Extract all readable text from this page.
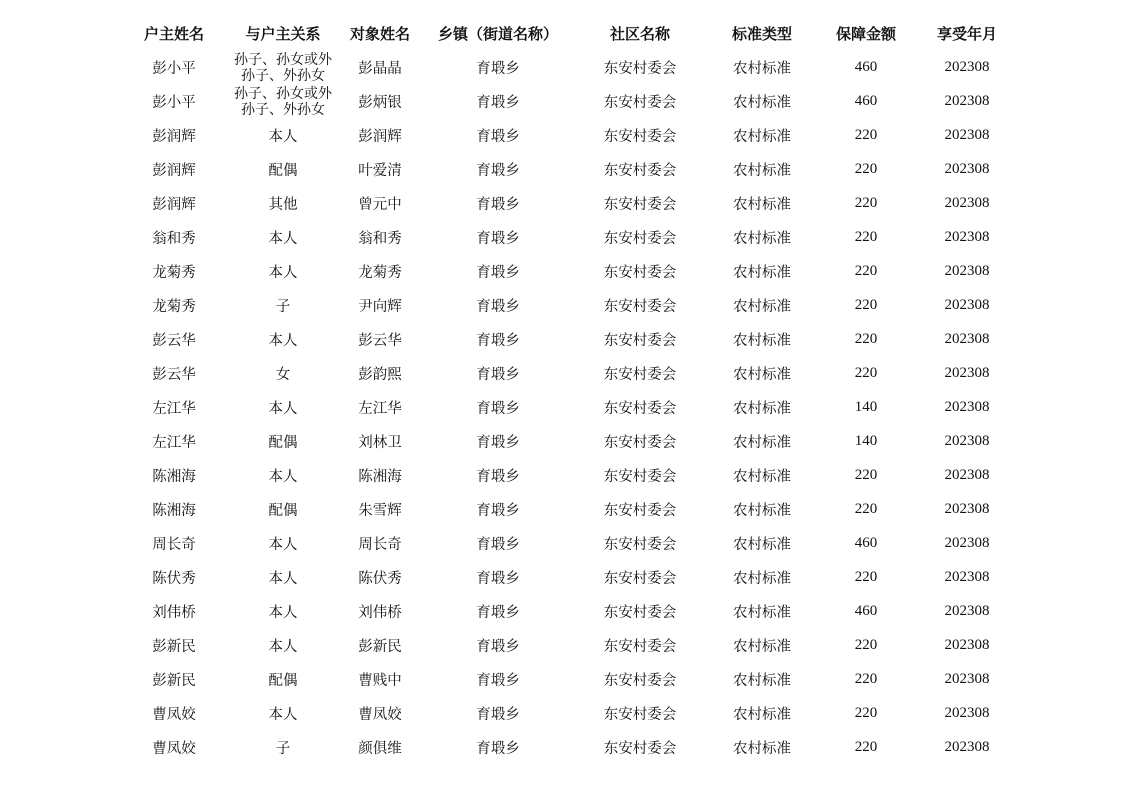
户主姓名	与户主关系	对象姓名	乡镇（街道名称）	社区名称	标准类型	保障金额	享受年月
彭小平	孙子、孙女或外孙子、外孙女	彭晶晶	育塅乡	东安村委会	农村标准	460	202308
彭小平	孙子、孙女或外孙子、外孙女	彭炳银	育塅乡	东安村委会	农村标准	460	202308
彭润辉	本人	彭润辉	育塅乡	东安村委会	农村标准	220	202308
彭润辉	配偶	叶爱清	育塅乡	东安村委会	农村标准	220	202308
彭润辉	其他	曾元中	育塅乡	东安村委会	农村标准	220	202308
翁和秀	本人	翁和秀	育塅乡	东安村委会	农村标准	220	202308
龙菊秀	本人	龙菊秀	育塅乡	东安村委会	农村标准	220	202308
龙菊秀	子	尹向辉	育塅乡	东安村委会	农村标准	220	202308
彭云华	本人	彭云华	育塅乡	东安村委会	农村标准	220	202308
彭云华	女	彭韵熙	育塅乡	东安村委会	农村标准	220	202308
左江华	本人	左江华	育塅乡	东安村委会	农村标准	140	202308
左江华	配偶	刘林卫	育塅乡	东安村委会	农村标准	140	202308
陈湘海	本人	陈湘海	育塅乡	东安村委会	农村标准	220	202308
陈湘海	配偶	朱雪辉	育塅乡	东安村委会	农村标准	220	202308
周长奇	本人	周长奇	育塅乡	东安村委会	农村标准	460	202308
陈伏秀	本人	陈伏秀	育塅乡	东安村委会	农村标准	220	202308
刘伟桥	本人	刘伟桥	育塅乡	东安村委会	农村标准	460	202308
彭新民	本人	彭新民	育塅乡	东安村委会	农村标准	220	202308
彭新民	配偶	曹贱中	育塅乡	东安村委会	农村标准	220	202308
曹凤姣	本人	曹凤姣	育塅乡	东安村委会	农村标准	220	202308
曹凤姣	子	颜俱维	育塅乡	东安村委会	农村标准	220	202308
